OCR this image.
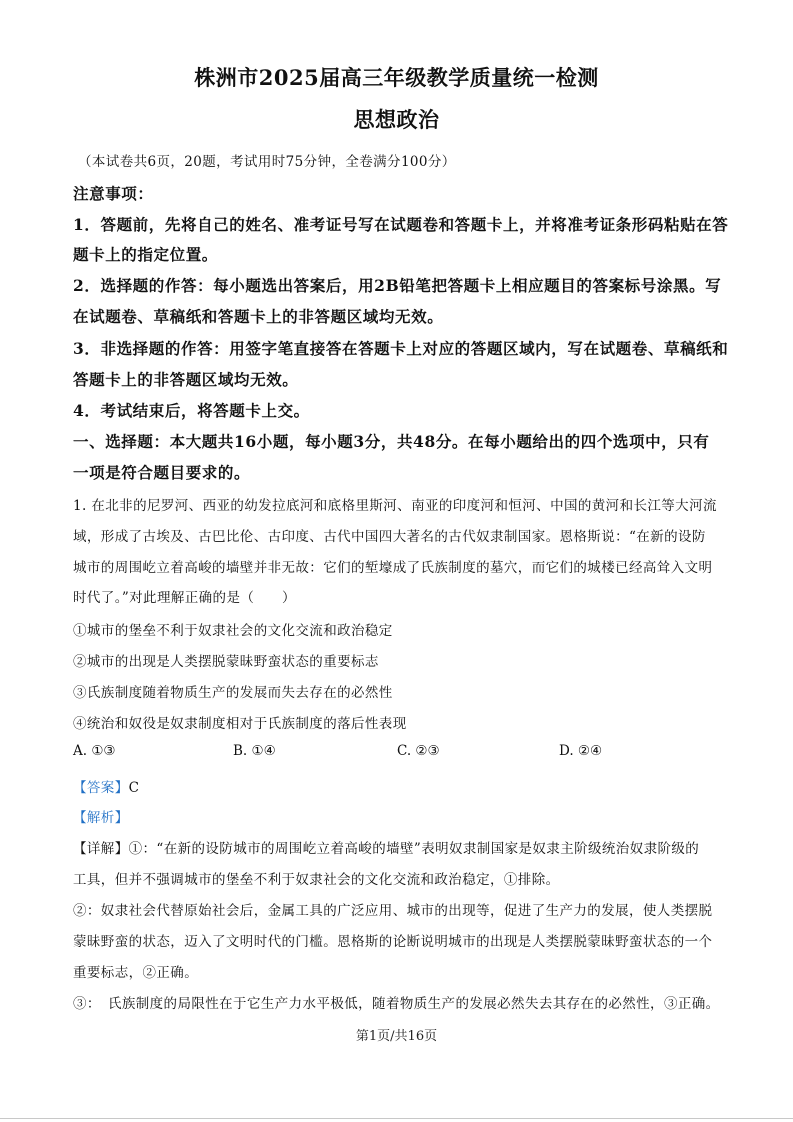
株洲市2025届高三年级教学质量统一检测
思想政治
（本试卷共6页，20题，考试用时75分钟，全卷满分100分）
注意事项：
1．答题前，先将自己的姓名、准考证号写在试题卷和答题卡上，并将准考证条形码粘贴在答
题卡上的指定位置。
2．选择题的作答：每小题选出答案后，用2B铅笔把答题卡上相应题目的答案标号涂黑。写
在试题卷、草稿纸和答题卡上的非答题区域均无效。
3．非选择题的作答：用签字笔直接答在答题卡上对应的答题区域内，写在试题卷、草稿纸和
答题卡上的非答题区域均无效。
4．考试结束后，将答题卡上交。
一、选择题：本大题共16小题，每小题3分，共48分。在每小题给出的四个选项中，只有
一项是符合题目要求的。
1. 在北非的尼罗河、西亚的幼发拉底河和底格里斯河、南亚的印度河和恒河、中国的黄河和长江等大河流
域，形成了古埃及、古巴比伦、古印度、古代中国四大著名的古代奴隶制国家。恩格斯说：“在新的设防
城市的周围屹立着高峻的墙壁并非无故：它们的堑壕成了氏族制度的墓穴，而它们的城楼已经高耸入文明
时代了。”对此理解正确的是（　　）
①城市的堡垒不利于奴隶社会的文化交流和政治稳定
②城市的出现是人类摆脱蒙昧野蛮状态的重要标志
③氏族制度随着物质生产的发展而失去存在的必然性
④统治和奴役是奴隶制度相对于氏族制度的落后性表现
A. ①③	B. ①④	C. ②③	D. ②④
【答案】C
【解析】
【详解】①：“在新的设防城市的周围屹立着高峻的墙壁”表明奴隶制国家是奴隶主阶级统治奴隶阶级的
工具，但并不强调城市的堡垒不利于奴隶社会的文化交流和政治稳定，①排除。
②：奴隶社会代替原始社会后，金属工具的广泛应用、城市的出现等，促进了生产力的发展，使人类摆脱
蒙昧野蛮的状态，迈入了文明时代的门槛。恩格斯的论断说明城市的出现是人类摆脱蒙昧野蛮状态的一个
重要标志，②正确。
③：　氏族制度的局限性在于它生产力水平极低，随着物质生产的发展必然失去其存在的必然性，③正确。
第1页/共16页
